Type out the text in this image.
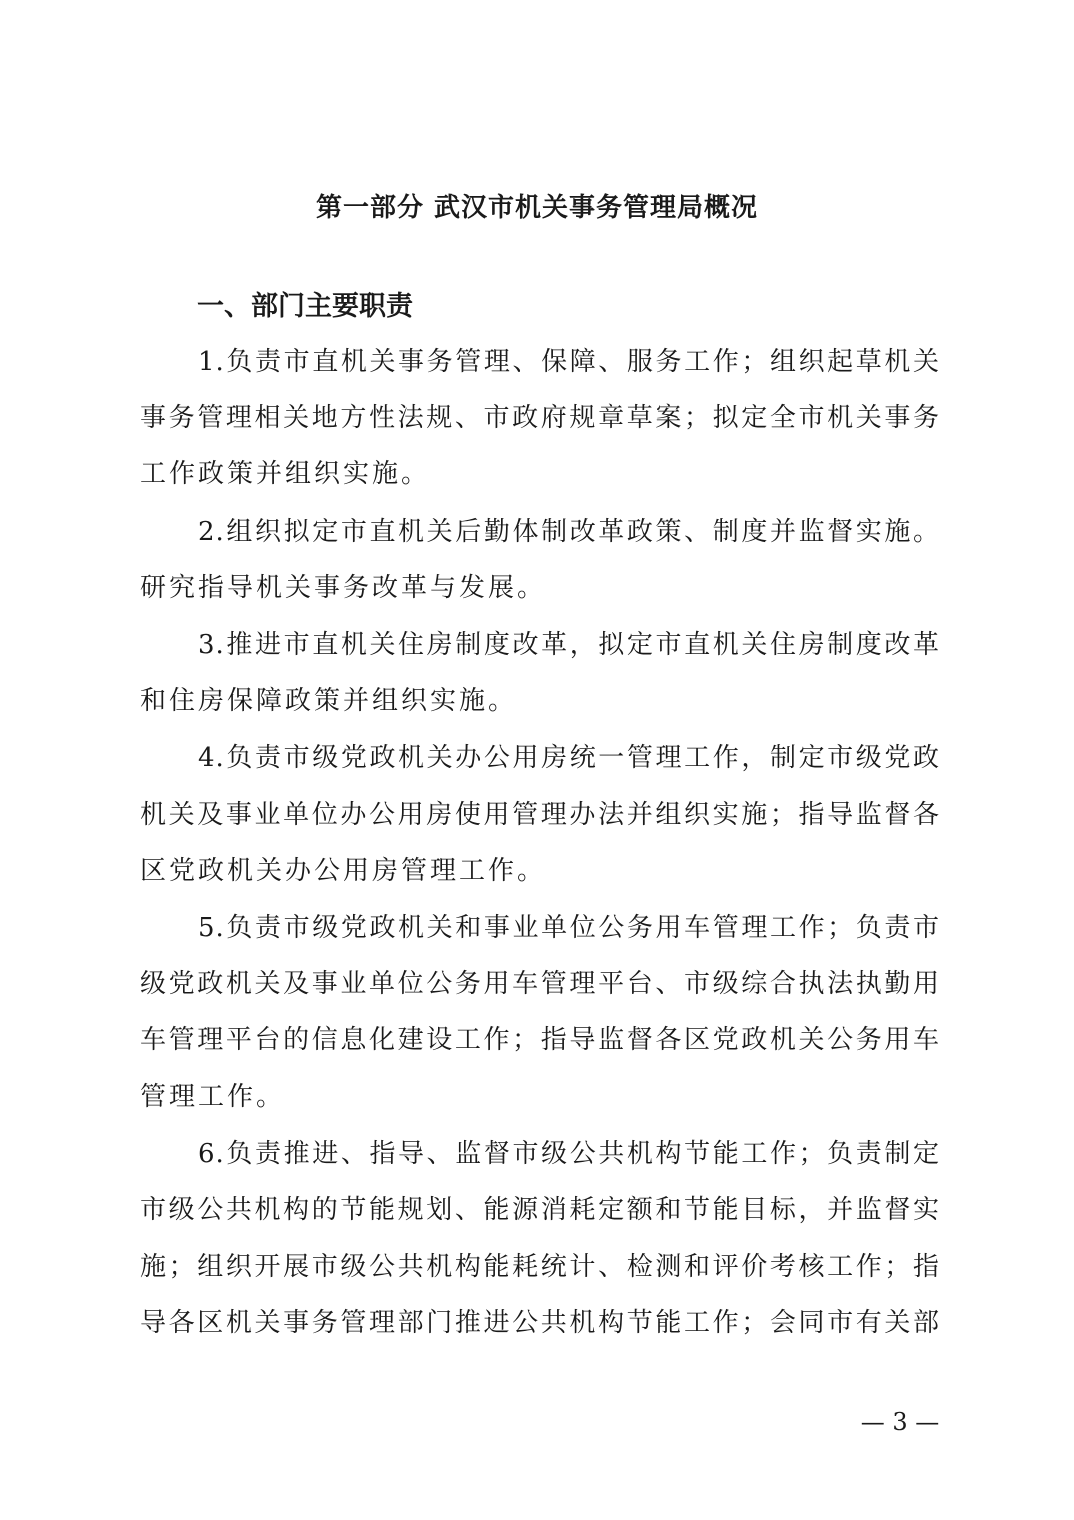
第一部分 武汉市机关事务管理局概况
一、部门主要职责
1.负责市直机关事务管理、保障、服务工作；组织起草机关
事务管理相关地方性法规、市政府规章草案；拟定全市机关事务
工作政策并组织实施。
2.组织拟定市直机关后勤体制改革政策、制度并监督实施。
研究指导机关事务改革与发展。
3.推进市直机关住房制度改革，拟定市直机关住房制度改革
和住房保障政策并组织实施。
4.负责市级党政机关办公用房统一管理工作，制定市级党政
机关及事业单位办公用房使用管理办法并组织实施；指导监督各
区党政机关办公用房管理工作。
5.负责市级党政机关和事业单位公务用车管理工作；负责市
级党政机关及事业单位公务用车管理平台、市级综合执法执勤用
车管理平台的信息化建设工作；指导监督各区党政机关公务用车
管理工作。
6.负责推进、指导、监督市级公共机构节能工作；负责制定
市级公共机构的节能规划、能源消耗定额和节能目标，并监督实
施；组织开展市级公共机构能耗统计、检测和评价考核工作；指
导各区机关事务管理部门推进公共机构节能工作；会同市有关部
— 3 —
